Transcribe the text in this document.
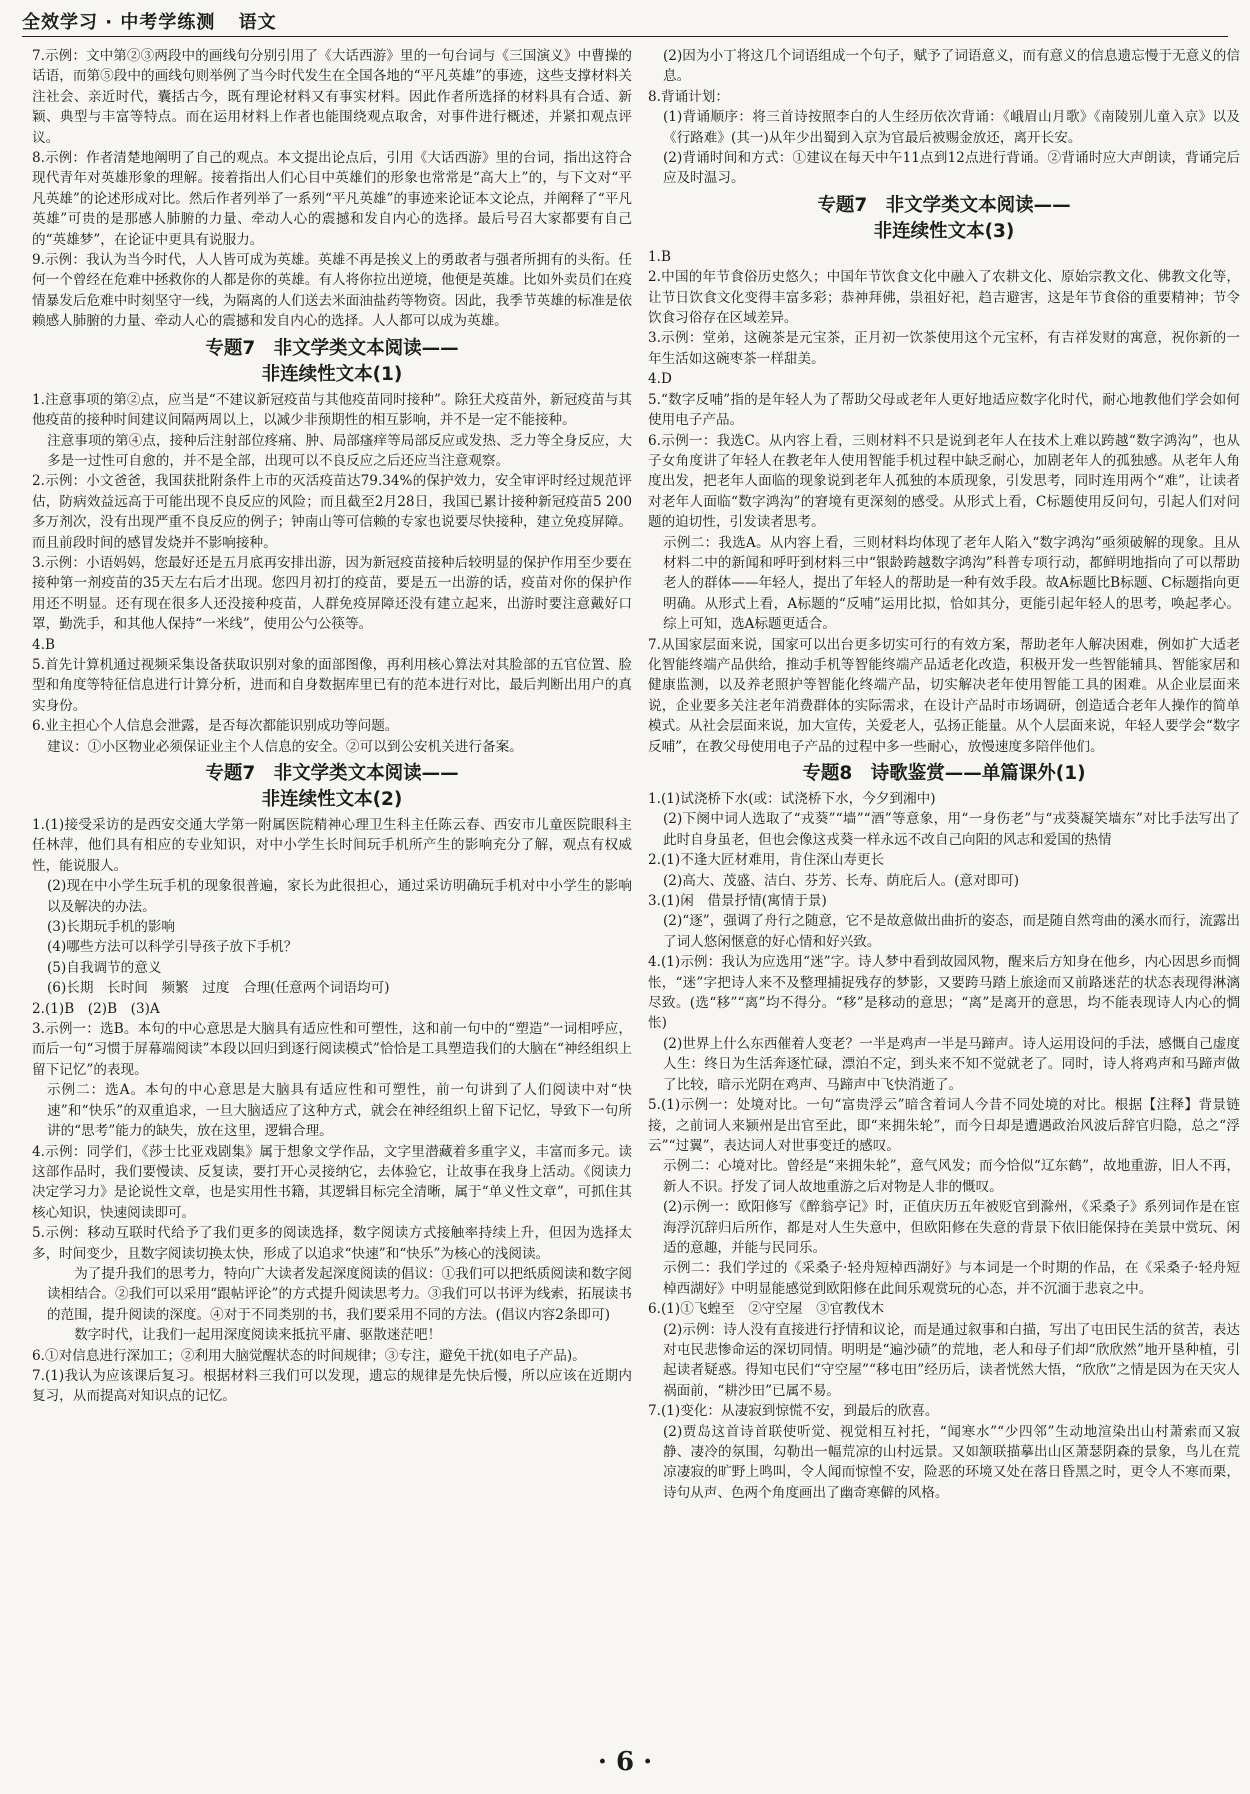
全效学习 · 中考学练测 语文

7.示例：文中第②③两段中的画线句分别引用了《大话西游》里的一句台词与《三国演义》中曹操的话语，而第⑤段中的画线句则举例了当今时代发生在全国各地的“平凡英雄”的事迹，这些支撑材料关注社会、亲近时代，囊括古今，既有理论材料又有事实材料。因此作者所选择的材料具有合适、新颖、典型与丰富等特点。而在运用材料上作者也能围绕观点取舍，对事件进行概述，并紧扣观点评议。

8.示例：作者清楚地阐明了自己的观点。本文提出论点后，引用《大话西游》里的台词，指出这符合现代青年对英雄形象的理解。接着指出人们心目中英雄们的形象也常常是“高大上”的，与下文对“平凡英雄”的论述形成对比。然后作者列举了一系列“平凡英雄”的事迹来论证本文论点，并阐释了“平凡英雄”可贵的是那感人肺腑的力量、牵动人心的震撼和发自内心的选择。最后号召大家都要有自己的“英雄梦”，在论证中更具有说服力。

9.示例：我认为当今时代，人人皆可成为英雄。英雄不再是挨义上的勇敢者与强者所拥有的头衔。任何一个曾经在危难中拯救你的人都是你的英雄。有人将你拉出逆境，他便是英雄。比如外卖员们在疫情暴发后危难中时刻坚守一线，为隔离的人们送去米面油盐药等物资。因此，我季节英雄的标准是依赖感人肺腑的力量、牵动人心的震撼和发自内心的选择。人人都可以成为英雄。

专题7　非文学类文本阅读——
非连续性文本(1)

1.注意事项的第②点，应当是“不建议新冠疫苗与其他疫苗同时接种”。除狂犬疫苗外，新冠疫苗与其他疫苗的接种时间建议间隔两周以上，以减少非预期性的相互影响，并不是一定不能接种。

注意事项的第④点，接种后注射部位疼痛、肿、局部瘙痒等局部反应或发热、乏力等全身反应，大多是一过性可自愈的，并不是全部，出现可以不良反应之后还应当注意观察。

2.示例：小文爸爸，我国获批附条件上市的灭活疫苗达79.34%的保护效力，安全审评时经过规范评估，防病效益远高于可能出现不良反应的风险；而且截至2月28日，我国已累计接种新冠疫苗5 200多万剂次，没有出现严重不良反应的例子；钟南山等可信赖的专家也说要尽快接种，建立免疫屏障。而且前段时间的感冒发烧并不影响接种。

3.示例：小语妈妈，您最好还是五月底再安排出游，因为新冠疫苗接种后较明显的保护作用至少要在接种第一剂疫苗的35天左右后才出现。您四月初打的疫苗，要是五一出游的话，疫苗对你的保护作用还不明显。还有现在很多人还没接种疫苗，人群免疫屏障还没有建立起来，出游时要注意戴好口罩，勤洗手，和其他人保持“一米线”，使用公勺公筷等。

4.B

5.首先计算机通过视频采集设备获取识别对象的面部图像，再利用核心算法对其脸部的五官位置、脸型和角度等特征信息进行计算分析，进而和自身数据库里已有的范本进行对比，最后判断出用户的真实身份。

6.业主担心个人信息会泄露，是否每次都能识别成功等问题。

建议：①小区物业必须保证业主个人信息的安全。②可以到公安机关进行备案。

专题7　非文学类文本阅读——
非连续性文本(2)

1.(1)接受采访的是西安交通大学第一附属医院精神心理卫生科主任陈云春、西安市儿童医院眼科主任林萍，他们具有相应的专业知识，对中小学生长时间玩手机所产生的影响充分了解，观点有权威性，能说服人。

(2)现在中小学生玩手机的现象很普遍，家长为此很担心，通过采访明确玩手机对中小学生的影响以及解决的办法。

(3)长期玩手机的影响

(4)哪些方法可以科学引导孩子放下手机？

(5)自我调节的意义

(6)长期　长时间　频繁　过度　合理(任意两个词语均可)

2.(1)B　(2)B　(3)A

3.示例一：选B。本句的中心意思是大脑具有适应性和可塑性，这和前一句中的“塑造”一词相呼应，而后一句“习惯于屏幕端阅读”本段以回归到逐行阅读模式”恰恰是工具塑造我们的大脑在“神经组织上留下记忆”的表现。

示例二：选A。本句的中心意思是大脑具有适应性和可塑性，前一句讲到了人们阅读中对“快速”和“快乐”的双重追求，一旦大脑适应了这种方式，就会在神经组织上留下记忆，导致下一句所讲的“思考”能力的缺失，放在这里，逻辑合理。

4.示例：同学们，《莎士比亚戏剧集》属于想象文学作品，文字里潜藏着多重字义，丰富而多元。读这部作品时，我们要慢读、反复读，要打开心灵接纳它，去体验它，让故事在我身上活动。《阅读力决定学习力》是论说性文章，也是实用性书籍，其逻辑目标完全清晰，属于“单义性文章”，可抓住其核心知识，快速阅读即可。

5.示例：移动互联时代给予了我们更多的阅读选择，数字阅读方式接触率持续上升，但因为选择太多，时间变少，且数字阅读切换太快，形成了以追求“快速”和“快乐”为核心的浅阅读。

为了提升我们的思考力，特向广大读者发起深度阅读的倡议：①我们可以把纸质阅读和数字阅读相结合。②我们可以采用“跟帖评论”的方式提升阅读思考力。③我们可以书评为线索，拓展读书的范围，提升阅读的深度。④对于不同类别的书，我们要采用不同的方法。(倡议内容2条即可)

数字时代，让我们一起用深度阅读来抵抗平庸、驱散迷茫吧！

6.①对信息进行深加工；②利用大脑觉醒状态的时间规律；③专注，避免干扰(如电子产品)。

7.(1)我认为应该课后复习。根据材料三我们可以发现，遗忘的规律是先快后慢，所以应该在近期内复习，从而提高对知识点的记忆。

(2)因为小丁将这几个词语组成一个句子，赋予了词语意义，而有意义的信息遗忘慢于无意义的信息。

8.背诵计划：

(1)背诵顺序：将三首诗按照李白的人生经历依次背诵：《峨眉山月歌》《南陵别儿童入京》以及《行路难》(其一)从年少出蜀到入京为官最后被赐金放还，离开长安。

(2)背诵时间和方式：①建议在每天中午11点到12点进行背诵。②背诵时应大声朗读，背诵完后应及时温习。

专题7　非文学类文本阅读——
非连续性文本(3)

1.B

2.中国的年节食俗历史悠久；中国年节饮食文化中融入了农耕文化、原始宗教文化、佛教文化等，让节日饮食文化变得丰富多彩；恭神拜佛，祟祖好祀，趋吉避害，这是年节食俗的重要精神；节令饮食习俗存在区域差异。

3.示例：堂弟，这碗茶是元宝茶，正月初一饮茶使用这个元宝杯，有吉祥发财的寓意，祝你新的一年生活如这碗枣茶一样甜美。

4.D

5.“数字反哺”指的是年轻人为了帮助父母或老年人更好地适应数字化时代，耐心地教他们学会如何使用电子产品。

6.示例一：我选C。从内容上看，三则材料不只是说到老年人在技术上难以跨越“数字鸿沟”，也从子女角度讲了年轻人在教老年人使用智能手机过程中缺乏耐心，加剧老年人的孤独感。从老年人角度出发，把老年人面临的现象说到老年人孤独的本质现象，引发思考，同时连用两个“难”，让读者对老年人面临“数字鸿沟”的窘境有更深刻的感受。从形式上看，C标题使用反问句，引起人们对问题的迫切性，引发读者思考。

示例二：我选A。从内容上看，三则材料均体现了老年人陷入“数字鸿沟”亟须破解的现象。且从材料二中的新闻和呼吁到材料三中“银龄跨越数字鸿沟”科普专项行动，都鲜明地指向了可以帮助老人的群体——年轻人，提出了年轻人的帮助是一种有效手段。故A标题比B标题、C标题指向更明确。从形式上看，A标题的“反哺”运用比拟，恰如其分，更能引起年轻人的思考，唤起孝心。综上可知，选A标题更适合。

7.从国家层面来说，国家可以出台更多切实可行的有效方案，帮助老年人解决困难，例如扩大适老化智能终端产品供给，推动手机等智能终端产品适老化改造，积极开发一些智能辅具、智能家居和健康监测，以及养老照护等智能化终端产品，切实解决老年使用智能工具的困难。从企业层面来说，企业要多关注老年消费群体的实际需求，在设计产品时市场调研，创造适合老年人操作的简单模式。从社会层面来说，加大宣传，关爱老人，弘扬正能量。从个人层面来说，年轻人要学会“数字反哺”，在教父母使用电子产品的过程中多一些耐心，放慢速度多陪伴他们。

专题8　诗歌鉴赏——单篇课外(1)

1.(1)试浇桥下水(或：试浇桥下水，今夕到湘中)

(2)下阕中词人选取了“戎葵”“墙”“酒”等意象，用“一身伤老”与“戎葵凝笑墙东”对比手法写出了此时自身虽老，但也会像这戎葵一样永远不改自己向阳的风志和爱国的热情

2.(1)不逢大匠材难用，肯住深山寿更长

(2)高大、茂盛、洁白、芬芳、长寿、荫庇后人。(意对即可)

3.(1)闲　借景抒情(寓情于景)

(2)“逐”，强调了舟行之随意，它不是故意做出曲折的姿态，而是随自然弯曲的溪水而行，流露出了词人悠闲惬意的好心情和好兴致。

4.(1)示例：我认为应选用“迷”字。诗人梦中看到故园风物，醒来后方知身在他乡，内心因思乡而惆怅，“迷”字把诗人来不及整理捕捉残存的梦影，又要跨马踏上旅途而又前路迷茫的状态表现得淋漓尽致。(选“移”“离”均不得分。“移”是移动的意思；“离”是离开的意思，均不能表现诗人内心的惆怅)

(2)世界上什么东西催着人变老？一半是鸡声一半是马蹄声。诗人运用设问的手法，感慨自己虚度人生：终日为生活奔逐忙碌，漂泊不定，到头来不知不觉就老了。同时，诗人将鸡声和马蹄声做了比较，暗示光阴在鸡声、马蹄声中飞快消逝了。

5.(1)示例一：处境对比。一句“富贵浮云”暗含着词人今昔不同处境的对比。根据【注释】背景链接，之前词人来颍州是出官至此，即“来拥朱轮”，而今日却是遭遇政治风波后辞官归隐，总之“浮云”“过翼”，表达词人对世事变迁的感叹。

示例二：心境对比。曾经是“来拥朱轮”，意气风发；而今恰似“辽东鹤”，故地重游，旧人不再，新人不识。抒发了词人故地重游之后对物是人非的慨叹。

(2)示例一：欧阳修写《醉翁亭记》时，正值庆历五年被贬官到滁州，《采桑子》系列词作是在宦海浮沉辞归后所作，都是对人生失意中，但欧阳修在失意的背景下依旧能保持在美景中赏玩、闲适的意趣，并能与民同乐。

示例二：我们学过的《采桑子·轻舟短棹西湖好》与本词是一个时期的作品，在《采桑子·轻舟短棹西湖好》中明显能感觉到欧阳修在此间乐观赏玩的心态，并不沉湎于悲哀之中。

6.(1)①飞蝗至　②守空屋　③官教伐木

(2)示例：诗人没有直接进行抒情和议论，而是通过叙事和白描，写出了屯田民生活的贫苦，表达对屯民悲惨命运的深切同情。明明是“遍沙碛”的荒地，老人和母子们却“欣欣然”地开垦种植，引起读者疑惑。得知屯民们“守空屋”“移屯田”经历后，读者恍然大悟，“欣欣”之情是因为在天灾人祸面前，“耕沙田”已属不易。

7.(1)变化：从凄寂到惊慌不安，到最后的欣喜。

(2)贾岛这首诗首联使听觉、视觉相互衬托，“闻寒水”“少四邻”生动地渲染出山村萧索而又寂静、凄冷的氛围，勾勒出一幅荒凉的山村远景。又如颔联描摹出山区萧瑟阴森的景象，鸟儿在荒凉凄寂的旷野上鸣叫，令人闻而惊惶不安，险恶的环境又处在落日昏黑之时，更令人不寒而栗，诗句从声、色两个角度画出了幽奇寒僻的风格。

· 6 ·
